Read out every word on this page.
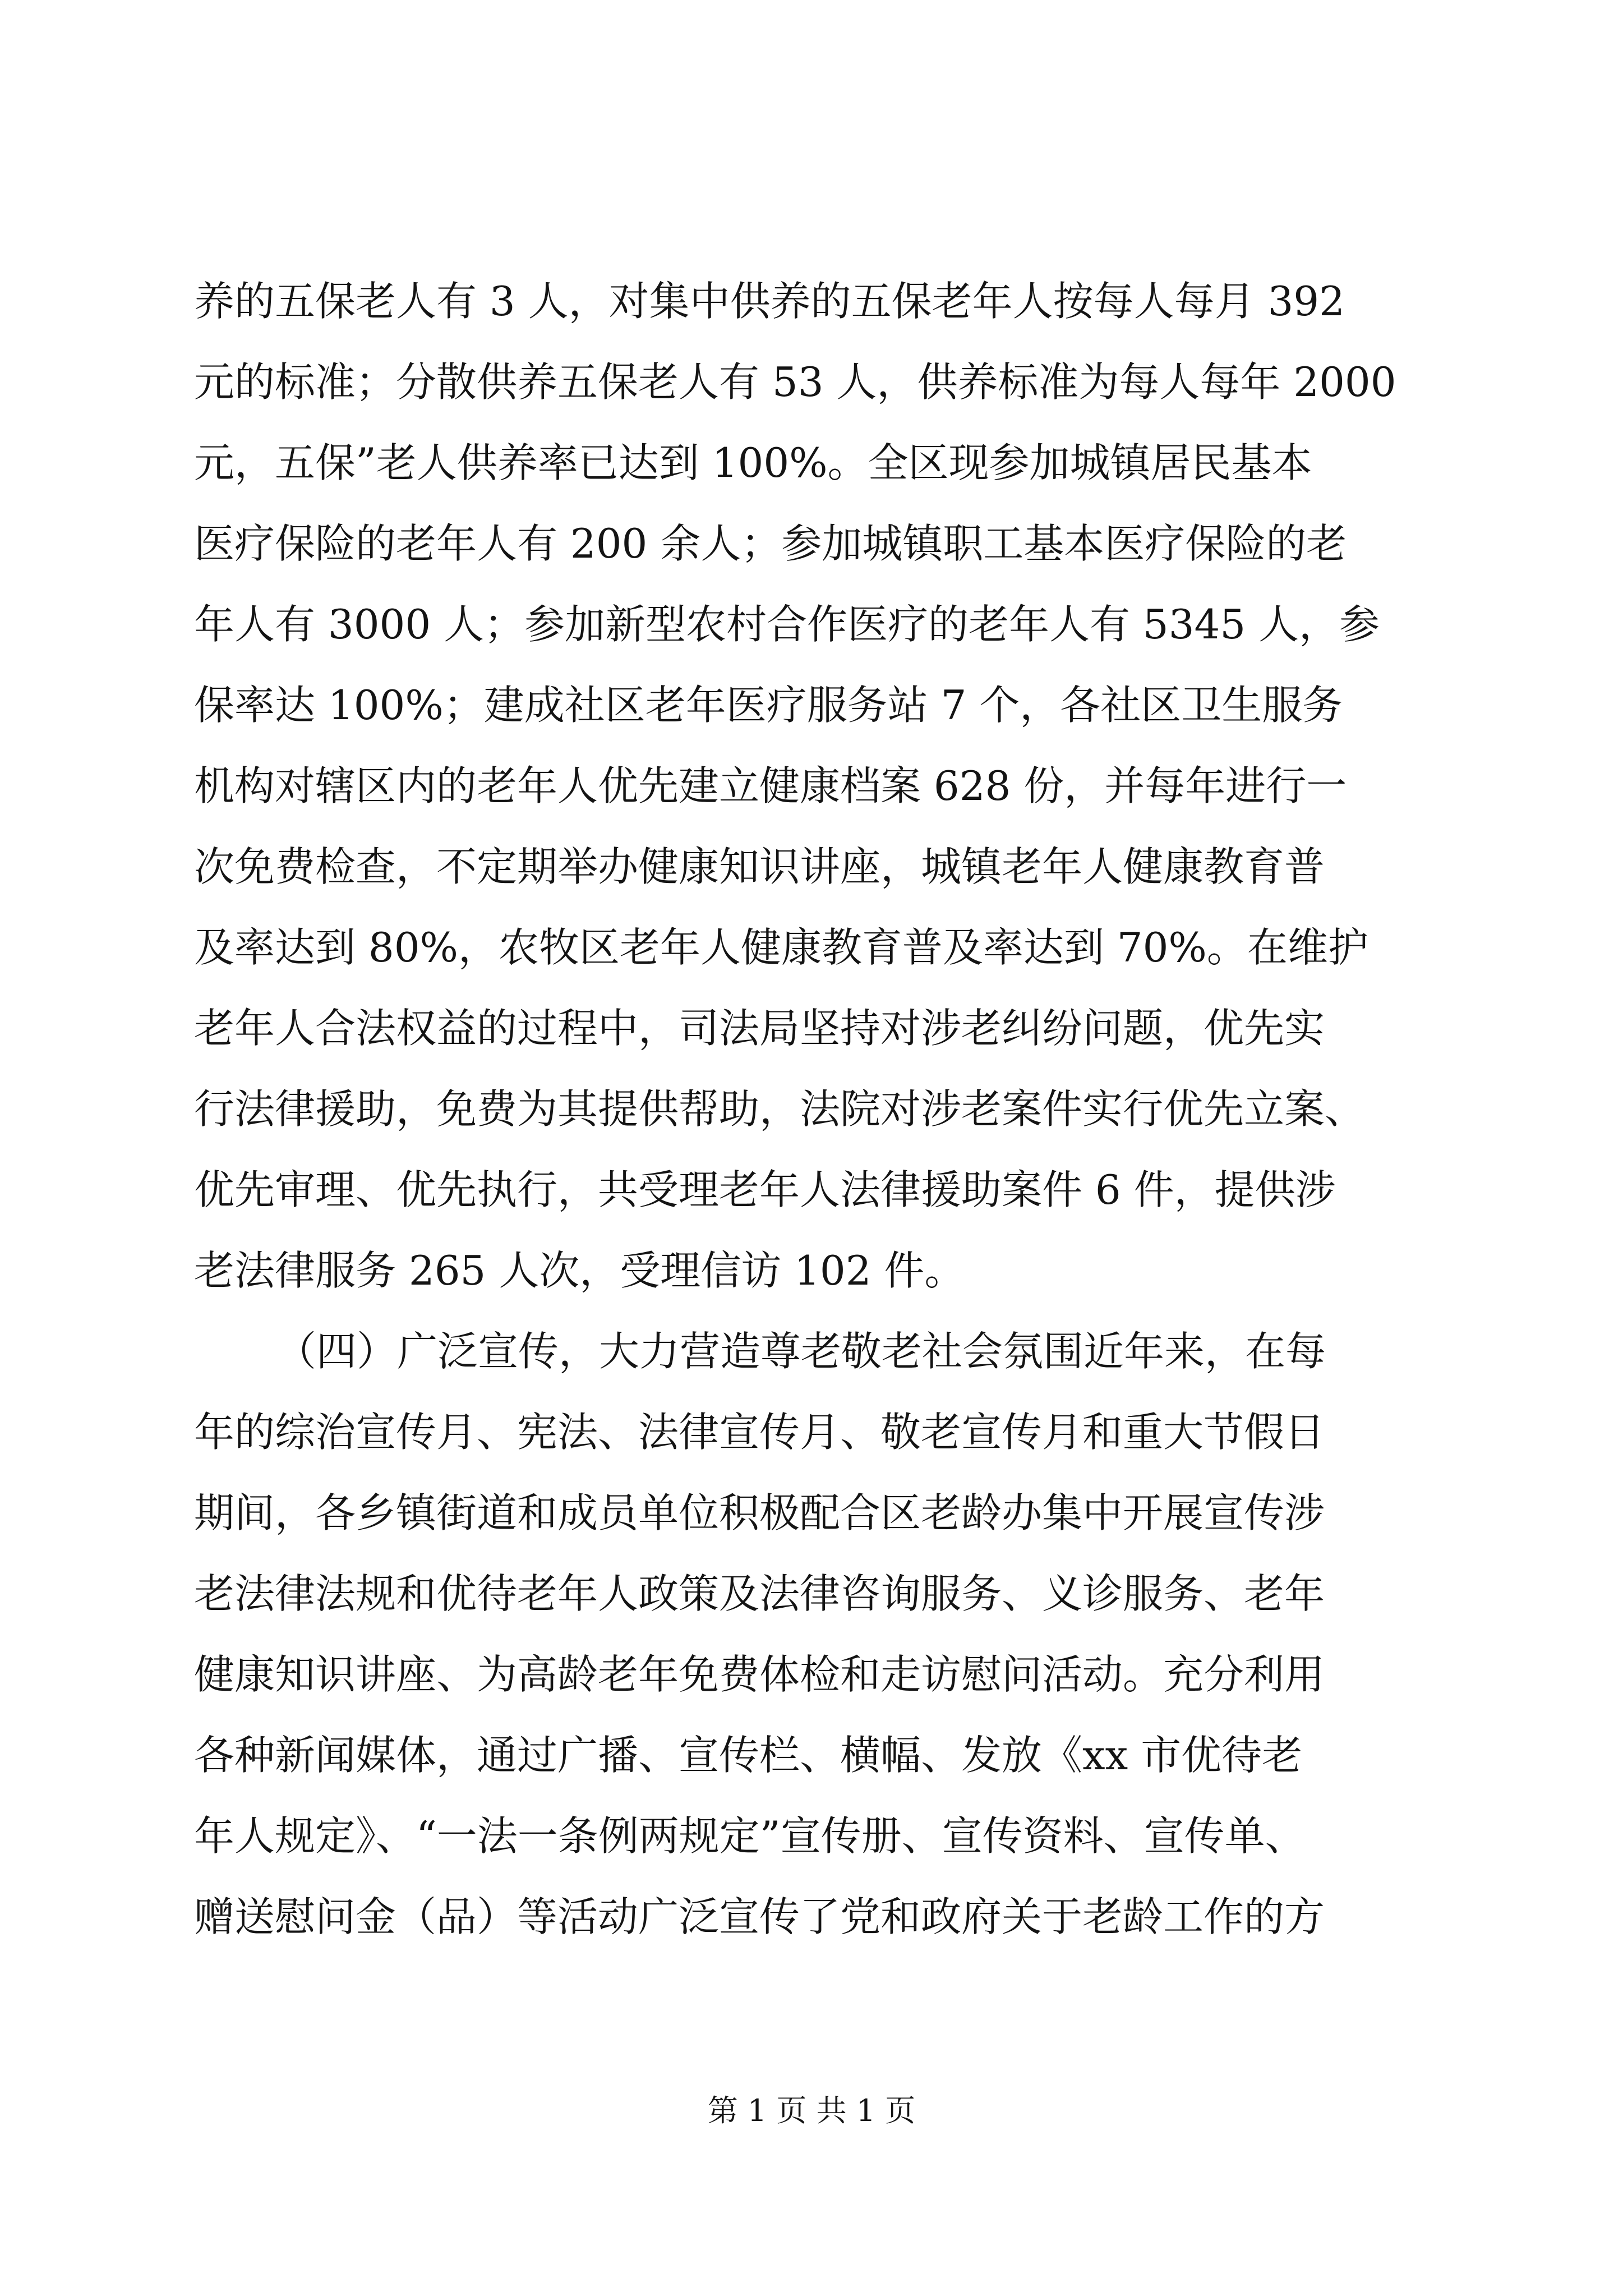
养的五保老人有 3 人，对集中供养的五保老年人按每人每月 392
元的标准；分散供养五保老人有 53 人，供养标准为每人每年 2000
元，五保”老人供养率已达到 100%。全区现参加城镇居民基本
医疗保险的老年人有 200 余人；参加城镇职工基本医疗保险的老
年人有 3000 人；参加新型农村合作医疗的老年人有 5345 人，参
保率达 100%；建成社区老年医疗服务站 7 个，各社区卫生服务
机构对辖区内的老年人优先建立健康档案 628 份，并每年进行一
次免费检查，不定期举办健康知识讲座，城镇老年人健康教育普
及率达到 80%，农牧区老年人健康教育普及率达到 70%。在维护
老年人合法权益的过程中，司法局坚持对涉老纠纷问题，优先实
行法律援助，免费为其提供帮助，法院对涉老案件实行优先立案、
优先审理、优先执行，共受理老年人法律援助案件 6 件，提供涉
老法律服务 265 人次，受理信访 102 件。
（四）广泛宣传，大力营造尊老敬老社会氛围近年来，在每
年的综治宣传月、宪法、法律宣传月、敬老宣传月和重大节假日
期间，各乡镇街道和成员单位积极配合区老龄办集中开展宣传涉
老法律法规和优待老年人政策及法律咨询服务、义诊服务、老年
健康知识讲座、为高龄老年免费体检和走访慰问活动。充分利用
各种新闻媒体，通过广播、宣传栏、横幅、发放《xx 市优待老
年人规定》、“一法一条例两规定”宣传册、宣传资料、宣传单、
赠送慰问金（品）等活动广泛宣传了党和政府关于老龄工作的方
第 1 页 共 1 页
